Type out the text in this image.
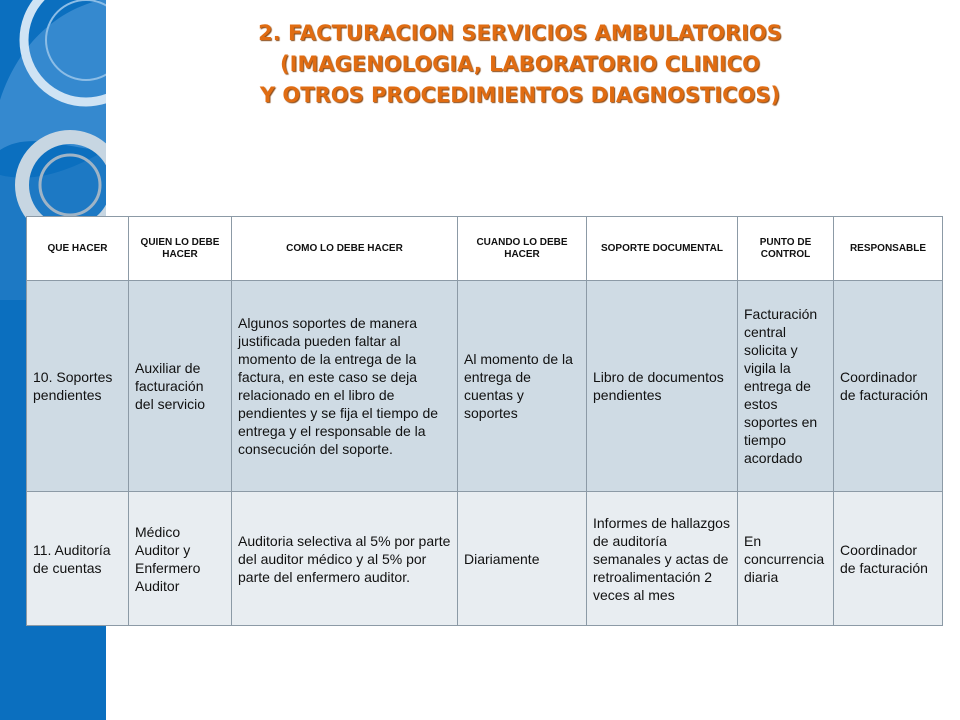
2. FACTURACION SERVICIOS AMBULATORIOS
(IMAGENOLOGIA, LABORATORIO CLINICO
Y OTROS PROCEDIMIENTOS DIAGNOSTICOS)
QUE HACER	QUIEN LO DEBE HACER	COMO LO DEBE HACER	CUANDO LO DEBE HACER	SOPORTE DOCUMENTAL	PUNTO DE CONTROL	RESPONSABLE
10. Soportes pendientes	Auxiliar de facturación del servicio	Algunos soportes de manera justificada pueden faltar al momento de la entrega de la factura, en este caso se deja relacionado en el libro de pendientes y se fija el tiempo de entrega y el responsable de la consecución del soporte.	Al momento de la entrega de cuentas y soportes	Libro de documentos pendientes	Facturación central solicita y vigila la entrega de estos soportes en tiempo acordado	Coordinador de facturación
11. Auditoría de cuentas	Médico Auditor y Enfermero Auditor	Auditoria selectiva al 5% por parte del auditor médico y al 5% por parte del enfermero auditor.	Diariamente	Informes de hallazgos de auditoría semanales y actas de retroalimentación 2 veces al mes	En concurrencia diaria	Coordinador de facturación
